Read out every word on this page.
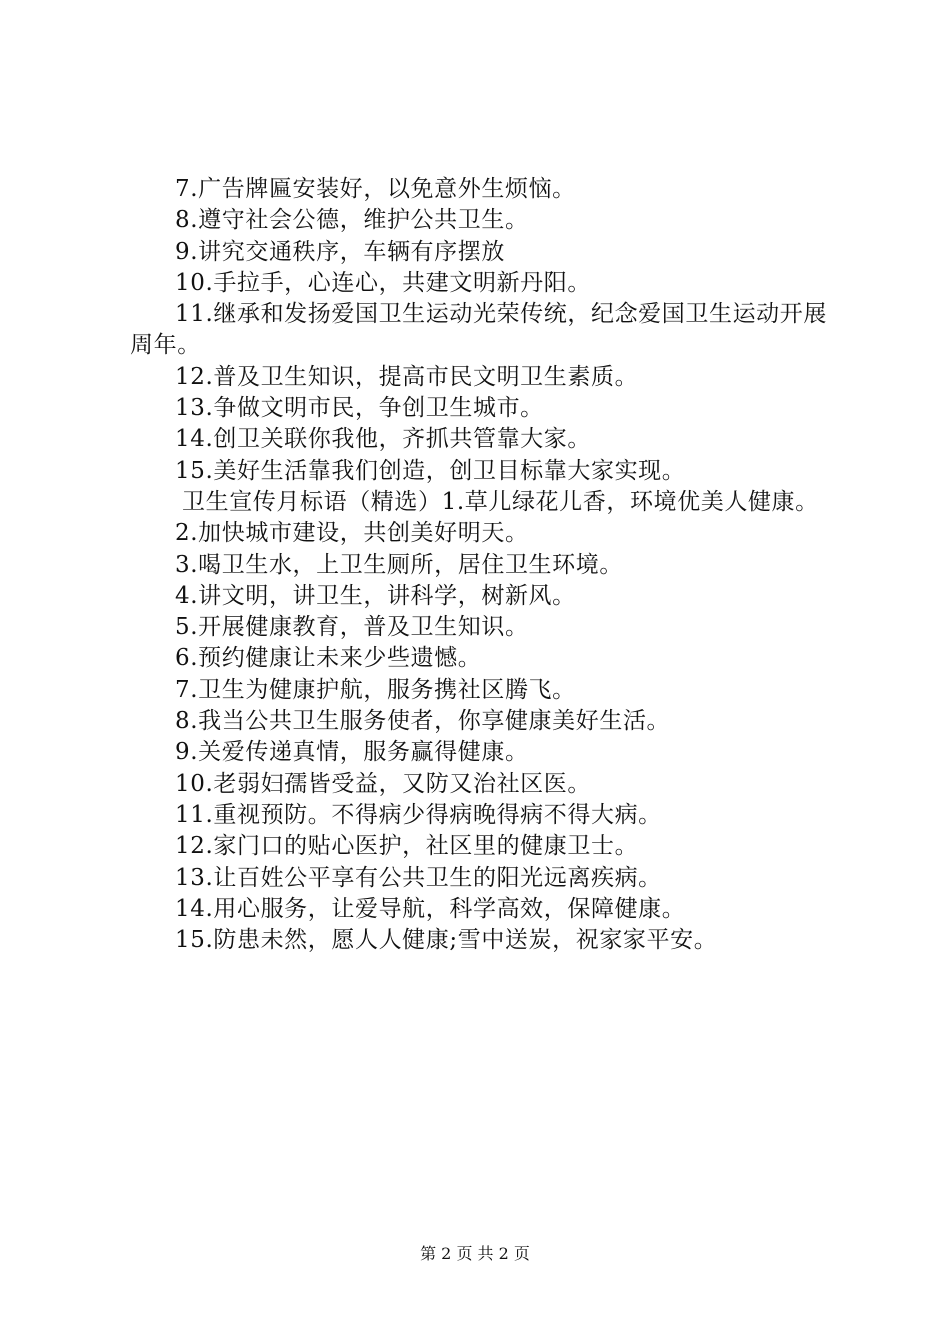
7.广告牌匾安装好，以免意外生烦恼。

8.遵守社会公德，维护公共卫生。

9.讲究交通秩序，车辆有序摆放

10.手拉手，心连心，共建文明新丹阳。

11.继承和发扬爱国卫生运动光荣传统，纪念爱国卫生运动开展周年。

12.普及卫生知识，提高市民文明卫生素质。

13.争做文明市民，争创卫生城市。

14.创卫关联你我他，齐抓共管靠大家。

15.美好生活靠我们创造，创卫目标靠大家实现。

卫生宣传月标语（精选）1.草儿绿花儿香，环境优美人健康。

2.加快城市建设，共创美好明天。

3.喝卫生水，上卫生厕所，居住卫生环境。

4.讲文明，讲卫生，讲科学，树新风。

5.开展健康教育，普及卫生知识。

6.预约健康让未来少些遗憾。

7.卫生为健康护航，服务携社区腾飞。

8.我当公共卫生服务使者，你享健康美好生活。

9.关爱传递真情，服务赢得健康。

10.老弱妇孺皆受益，又防又治社区医。

11.重视预防。不得病少得病晚得病不得大病。

12.家门口的贴心医护，社区里的健康卫士。

13.让百姓公平享有公共卫生的阳光远离疾病。

14.用心服务，让爱导航，科学高效，保障健康。

15.防患未然，愿人人健康;雪中送炭，祝家家平安。

第 2 页 共 2 页
